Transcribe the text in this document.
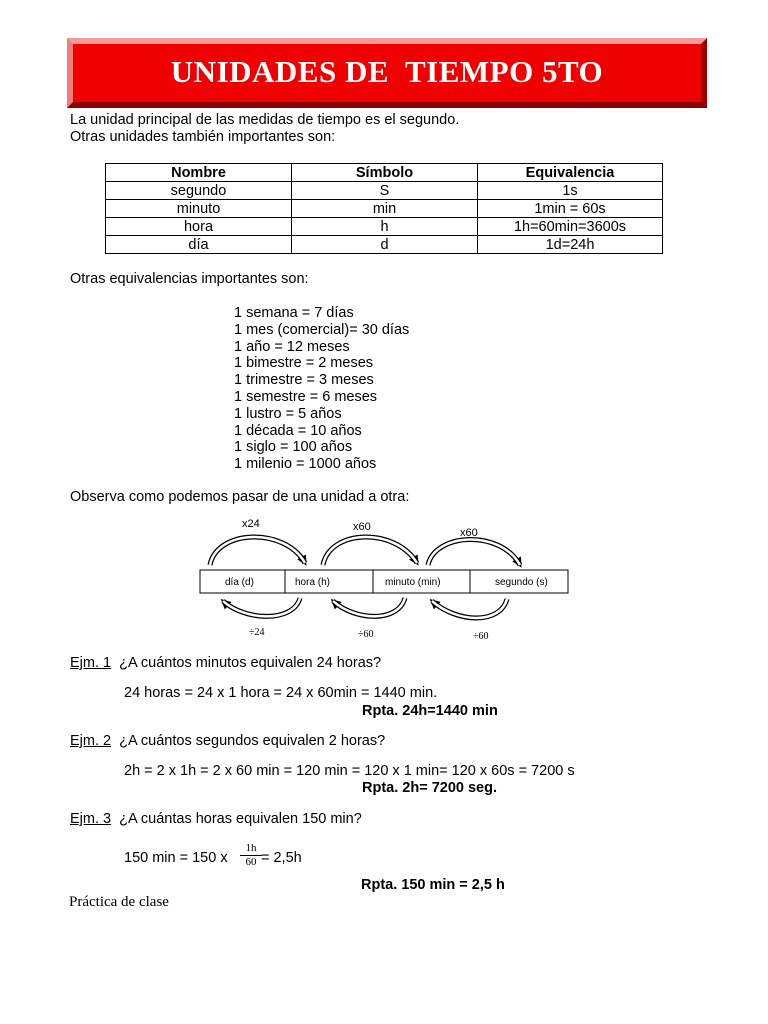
UNIDADES DE  TIEMPO 5TO
La unidad principal de las medidas de tiempo es el segundo.
Otras unidades también importantes son:
Nombre	Símbolo	Equivalencia
segundo	S	1s
minuto	min	1min = 60s
hora	h	1h=60min=3600s
día	d	1d=24h
Otras equivalencias importantes son:
1 semana = 7 días
1 mes (comercial)= 30 días
1 año = 12 meses
1 bimestre = 2 meses
1 trimestre = 3 meses
1 semestre = 6 meses
1 lustro = 5 años
1 década = 10 años
1 siglo = 100 años
1 milenio = 1000 años
Observa como podemos pasar de una unidad a otra:
día (d)	hora (h)	minuto (min)	segundo (s)
x24	x60	x60
÷24	÷60	÷60
Ejm. 1 ¿A cuántos minutos equivalen 24 horas?
24 horas = 24 x 1 hora = 24 x 60min = 1440 min.
Rpta. 24h=1440 min
Ejm. 2 ¿A cuántos segundos equivalen 2 horas?
2h = 2 x 1h = 2 x 60 min = 120 min = 120 x 1 min= 120 x 60s = 7200 s
Rpta. 2h= 7200 seg.
Ejm. 3 ¿A cuántas horas equivalen 150 min?
150 min = 150 x $\frac{1h}{60} = 2,5h$
Rpta. 150 min = 2,5 h
Práctica de clase
